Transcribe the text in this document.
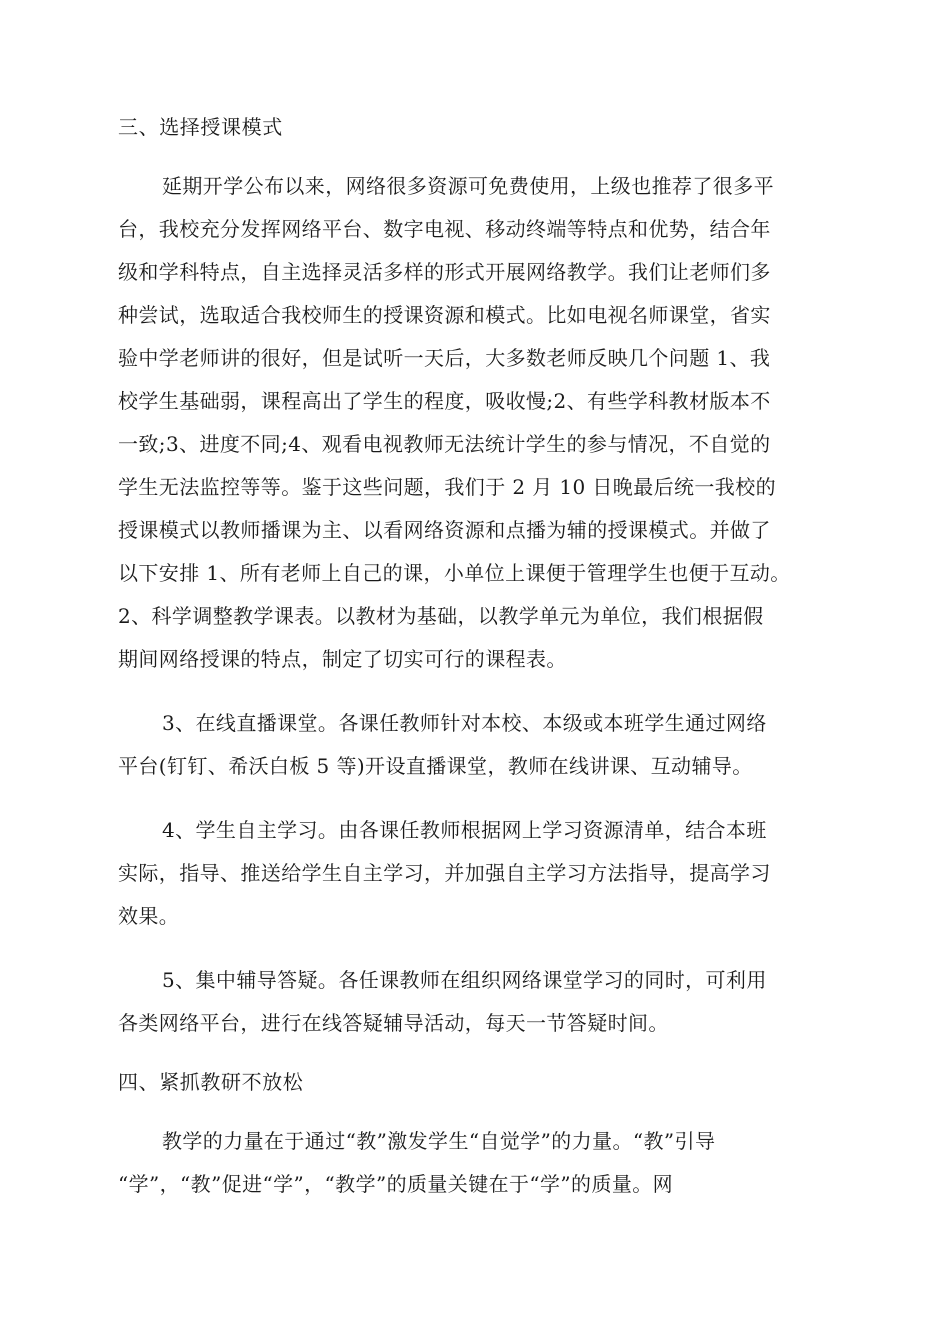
三、选择授课模式
延期开学公布以来，网络很多资源可免费使用，上级也推荐了很多平
台，我校充分发挥网络平台、数字电视、移动终端等特点和优势，结合年
级和学科特点，自主选择灵活多样的形式开展网络教学。我们让老师们多
种尝试，选取适合我校师生的授课资源和模式。比如电视名师课堂，省实
验中学老师讲的很好，但是试听一天后，大多数老师反映几个问题 1、我
校学生基础弱，课程高出了学生的程度，吸收慢;2、有些学科教材版本不
一致;3、进度不同;4、观看电视教师无法统计学生的参与情况，不自觉的
学生无法监控等等。鉴于这些问题，我们于 2 月 10 日晚最后统一我校的
授课模式以教师播课为主、以看网络资源和点播为辅的授课模式。并做了
以下安排 1、所有老师上自己的课，小单位上课便于管理学生也便于互动。
2、科学调整教学课表。以教材为基础，以教学单元为单位，我们根据假
期间网络授课的特点，制定了切实可行的课程表。
3、在线直播课堂。各课任教师针对本校、本级或本班学生通过网络
平台(钉钉、希沃白板 5 等)开设直播课堂，教师在线讲课、互动辅导。
4、学生自主学习。由各课任教师根据网上学习资源清单，结合本班
实际，指导、推送给学生自主学习，并加强自主学习方法指导，提高学习
效果。
5、集中辅导答疑。各任课教师在组织网络课堂学习的同时，可利用
各类网络平台，进行在线答疑辅导活动，每天一节答疑时间。
四、紧抓教研不放松
教学的力量在于通过“教”激发学生“自觉学”的力量。“教”引导
“学”，“教”促进“学”，“教学”的质量关键在于“学”的质量。网
